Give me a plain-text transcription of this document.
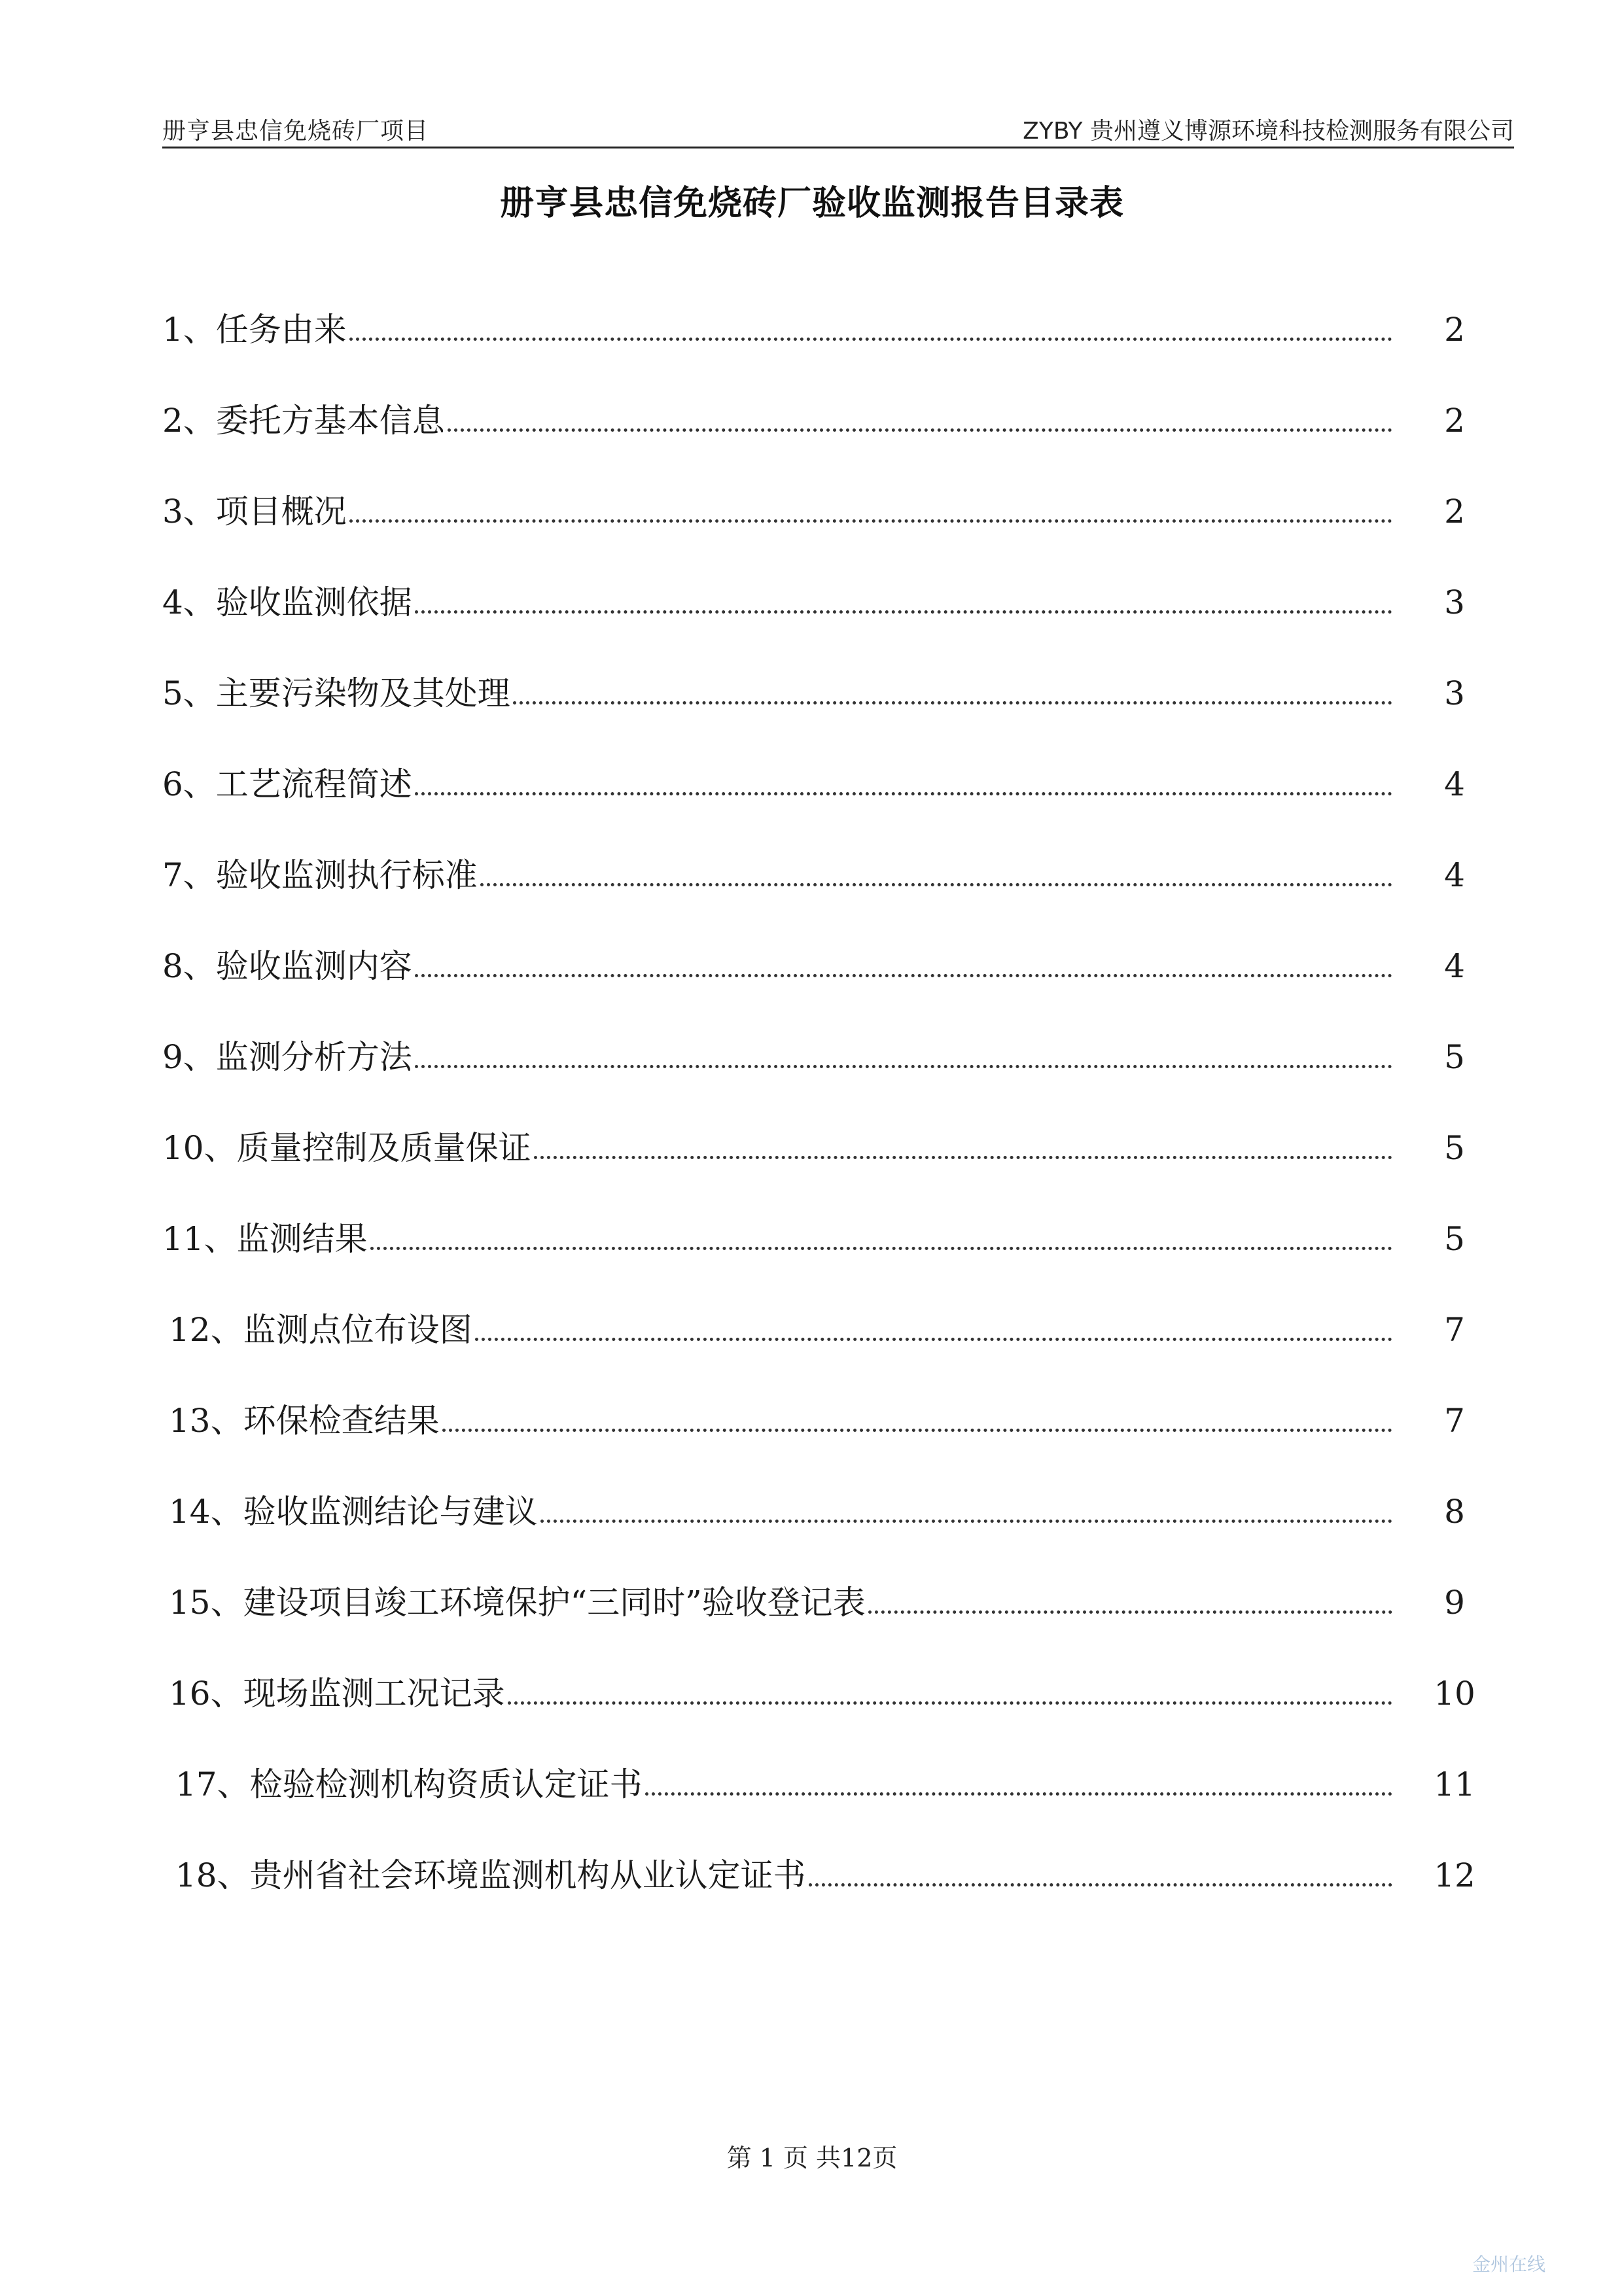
册亨县忠信免烧砖厂项目	ZYBY 贵州遵义博源环境科技检测服务有限公司
册亨县忠信免烧砖厂验收监测报告目录表
1、任务由来	2
2、委托方基本信息	2
3、项目概况	2
4、验收监测依据	3
5、主要污染物及其处理	3
6、工艺流程简述	4
7、验收监测执行标准	4
8、验收监测内容	4
9、监测分析方法	5
10、质量控制及质量保证	5
11、监测结果	5
12、监测点位布设图	7
13、环保检查结果	7
14、验收监测结论与建议	8
15、建设项目竣工环境保护“三同时”验收登记表	9
16、现场监测工况记录	10
17、检验检测机构资质认定证书	11
18、贵州省社会环境监测机构从业认定证书	12
第 1 页 共12页
金州在线
